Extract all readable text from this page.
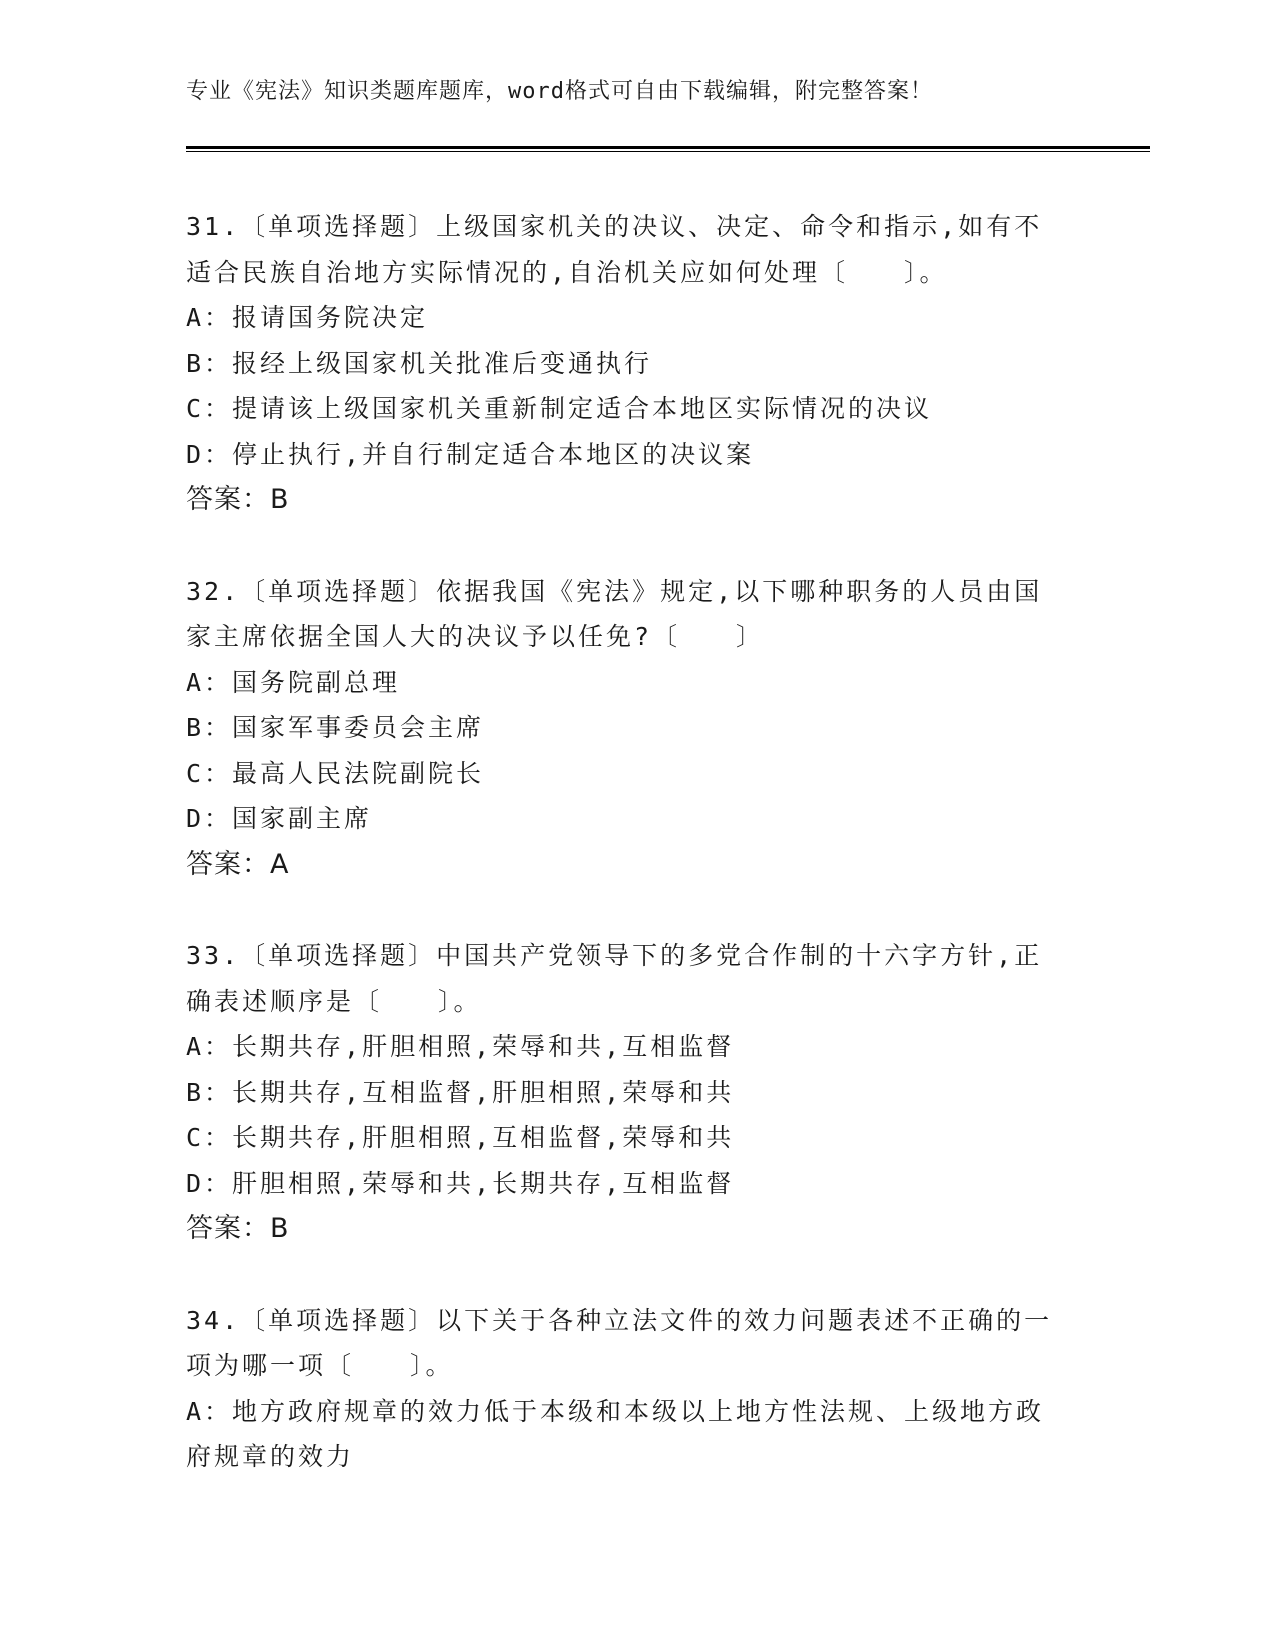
专业《宪法》知识类题库题库，word格式可自由下载编辑，附完整答案！
31.〔单项选择题〕上级国家机关的决议、决定、命令和指示,如有不
适合民族自治地方实际情况的,自治机关应如何处理〔　　〕。
A：报请国务院决定
B：报经上级国家机关批准后变通执行
C：提请该上级国家机关重新制定适合本地区实际情况的决议
D：停止执行,并自行制定适合本地区的决议案
答案：B
32.〔单项选择题〕依据我国《宪法》规定,以下哪种职务的人员由国
家主席依据全国人大的决议予以任免?〔　　〕
A：国务院副总理
B：国家军事委员会主席
C：最高人民法院副院长
D：国家副主席
答案：A
33.〔单项选择题〕中国共产党领导下的多党合作制的十六字方针,正
确表述顺序是〔　　〕。
A：长期共存,肝胆相照,荣辱和共,互相监督
B：长期共存,互相监督,肝胆相照,荣辱和共
C：长期共存,肝胆相照,互相监督,荣辱和共
D：肝胆相照,荣辱和共,长期共存,互相监督
答案：B
34.〔单项选择题〕以下关于各种立法文件的效力问题表述不正确的一
项为哪一项〔　　〕。
A：地方政府规章的效力低于本级和本级以上地方性法规、上级地方政
府规章的效力
